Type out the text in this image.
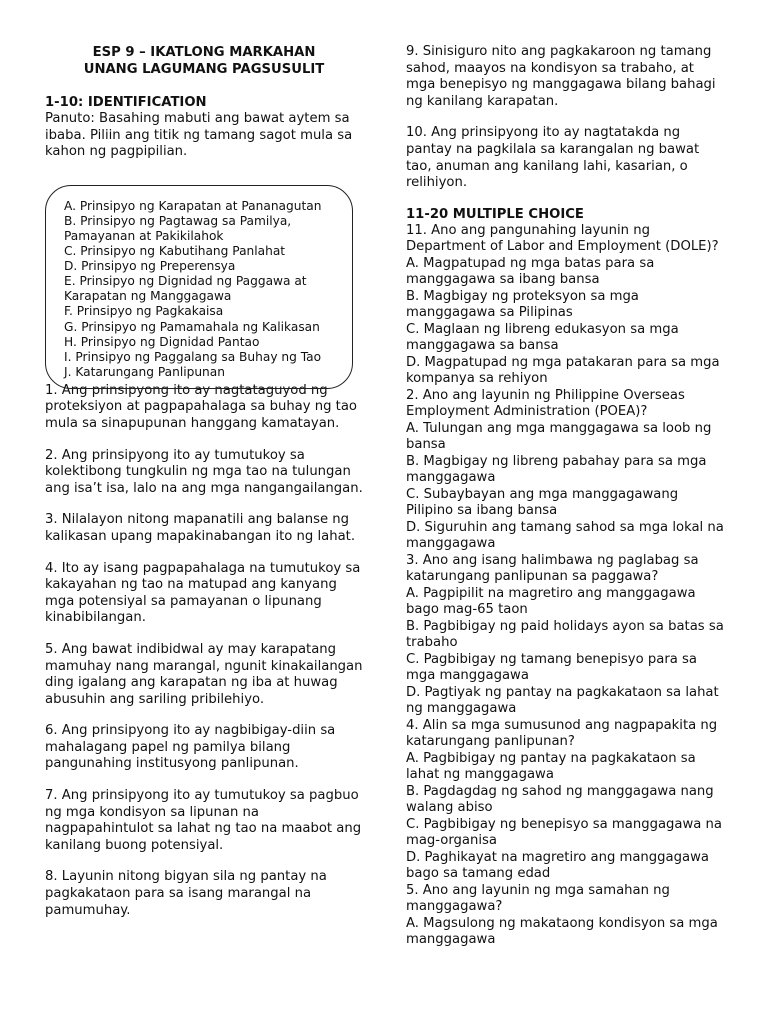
ESP 9 – IKATLONG MARKAHAN

UNANG LAGUMANG PAGSUSULIT

1-10: IDENTIFICATION

Panuto: Basahing mabuti ang bawat aytem sa ibaba. Piliin ang titik ng tamang sagot mula sa kahon ng pagpipilian.

A. Prinsipyo ng Karapatan at Pananagutan
B. Prinsipyo ng Pagtawag sa Pamilya, Pamayanan at Pakikilahok
C. Prinsipyo ng Kabutihang Panlahat
D. Prinsipyo ng Preperensya
E. Prinsipyo ng Dignidad ng Paggawa at Karapatan ng Manggagawa
F. Prinsipyo ng Pagkakaisa
G. Prinsipyo ng Pamamahala ng Kalikasan
H. Prinsipyo ng Dignidad Pantao
I. Prinsipyo ng Paggalang sa Buhay ng Tao
J. Katarungang Panlipunan

1. Ang prinsipyong ito ay nagtataguyod ng proteksiyon at pagpapahalaga sa buhay ng tao mula sa sinapupunan hanggang kamatayan.

2. Ang prinsipyong ito ay tumutukoy sa kolektibong tungkulin ng mga tao na tulungan ang isa’t isa, lalo na ang mga nangangailangan.

3. Nilalayon nitong mapanatili ang balanse ng kalikasan upang mapakinabangan ito ng lahat.

4. Ito ay isang pagpapahalaga na tumutukoy sa kakayahan ng tao na matupad ang kanyang mga potensiyal sa pamayanan o lipunang kinabibilangan.

5. Ang bawat indibidwal ay may karapatang mamuhay nang marangal, ngunit kinakailangan ding igalang ang karapatan ng iba at huwag abusuhin ang sariling pribilehiyo.

6. Ang prinsipyong ito ay nagbibigay-diin sa mahalagang papel ng pamilya bilang pangunahing institusyong panlipunan.

7. Ang prinsipyong ito ay tumutukoy sa pagbuo ng mga kondisyon sa lipunan na nagpapahintulot sa lahat ng tao na maabot ang kanilang buong potensiyal.

8. Layunin nitong bigyan sila ng pantay na pagkakataon para sa isang marangal na pamumuhay.

9. Sinisiguro nito ang pagkakaroon ng tamang sahod, maayos na kondisyon sa trabaho, at mga benepisyo ng manggagawa bilang bahagi ng kanilang karapatan.

10. Ang prinsipyong ito ay nagtatakda ng pantay na pagkilala sa karangalan ng bawat tao, anuman ang kanilang lahi, kasarian, o relihiyon.

11-20 MULTIPLE CHOICE

11. Ano ang pangunahing layunin ng Department of Labor and Employment (DOLE)?

A. Magpatupad ng mga batas para sa manggagawa sa ibang bansa

B. Magbigay ng proteksyon sa mga manggagawa sa Pilipinas

C. Maglaan ng libreng edukasyon sa mga manggagawa sa bansa

D. Magpatupad ng mga patakaran para sa mga kompanya sa rehiyon

2. Ano ang layunin ng Philippine Overseas Employment Administration (POEA)?

A. Tulungan ang mga manggagawa sa loob ng bansa

B. Magbigay ng libreng pabahay para sa mga manggagawa

C. Subaybayan ang mga manggagawang Pilipino sa ibang bansa

D. Siguruhin ang tamang sahod sa mga lokal na manggagawa

3. Ano ang isang halimbawa ng paglabag sa katarungang panlipunan sa paggawa?

A. Pagpipilit na magretiro ang manggagawa bago mag-65 taon

B. Pagbibigay ng paid holidays ayon sa batas sa trabaho

C. Pagbibigay ng tamang benepisyo para sa mga manggagawa

D. Pagtiyak ng pantay na pagkakataon sa lahat ng manggagawa

4. Alin sa mga sumusunod ang nagpapakita ng katarungang panlipunan?

A. Pagbibigay ng pantay na pagkakataon sa lahat ng manggagawa

B. Pagdagdag ng sahod ng manggagawa nang walang abiso

C. Pagbibigay ng benepisyo sa manggagawa na mag-organisa

D. Paghikayat na magretiro ang manggagawa bago sa tamang edad

5. Ano ang layunin ng mga samahan ng manggagawa?

A. Magsulong ng makataong kondisyon sa mga manggagawa
